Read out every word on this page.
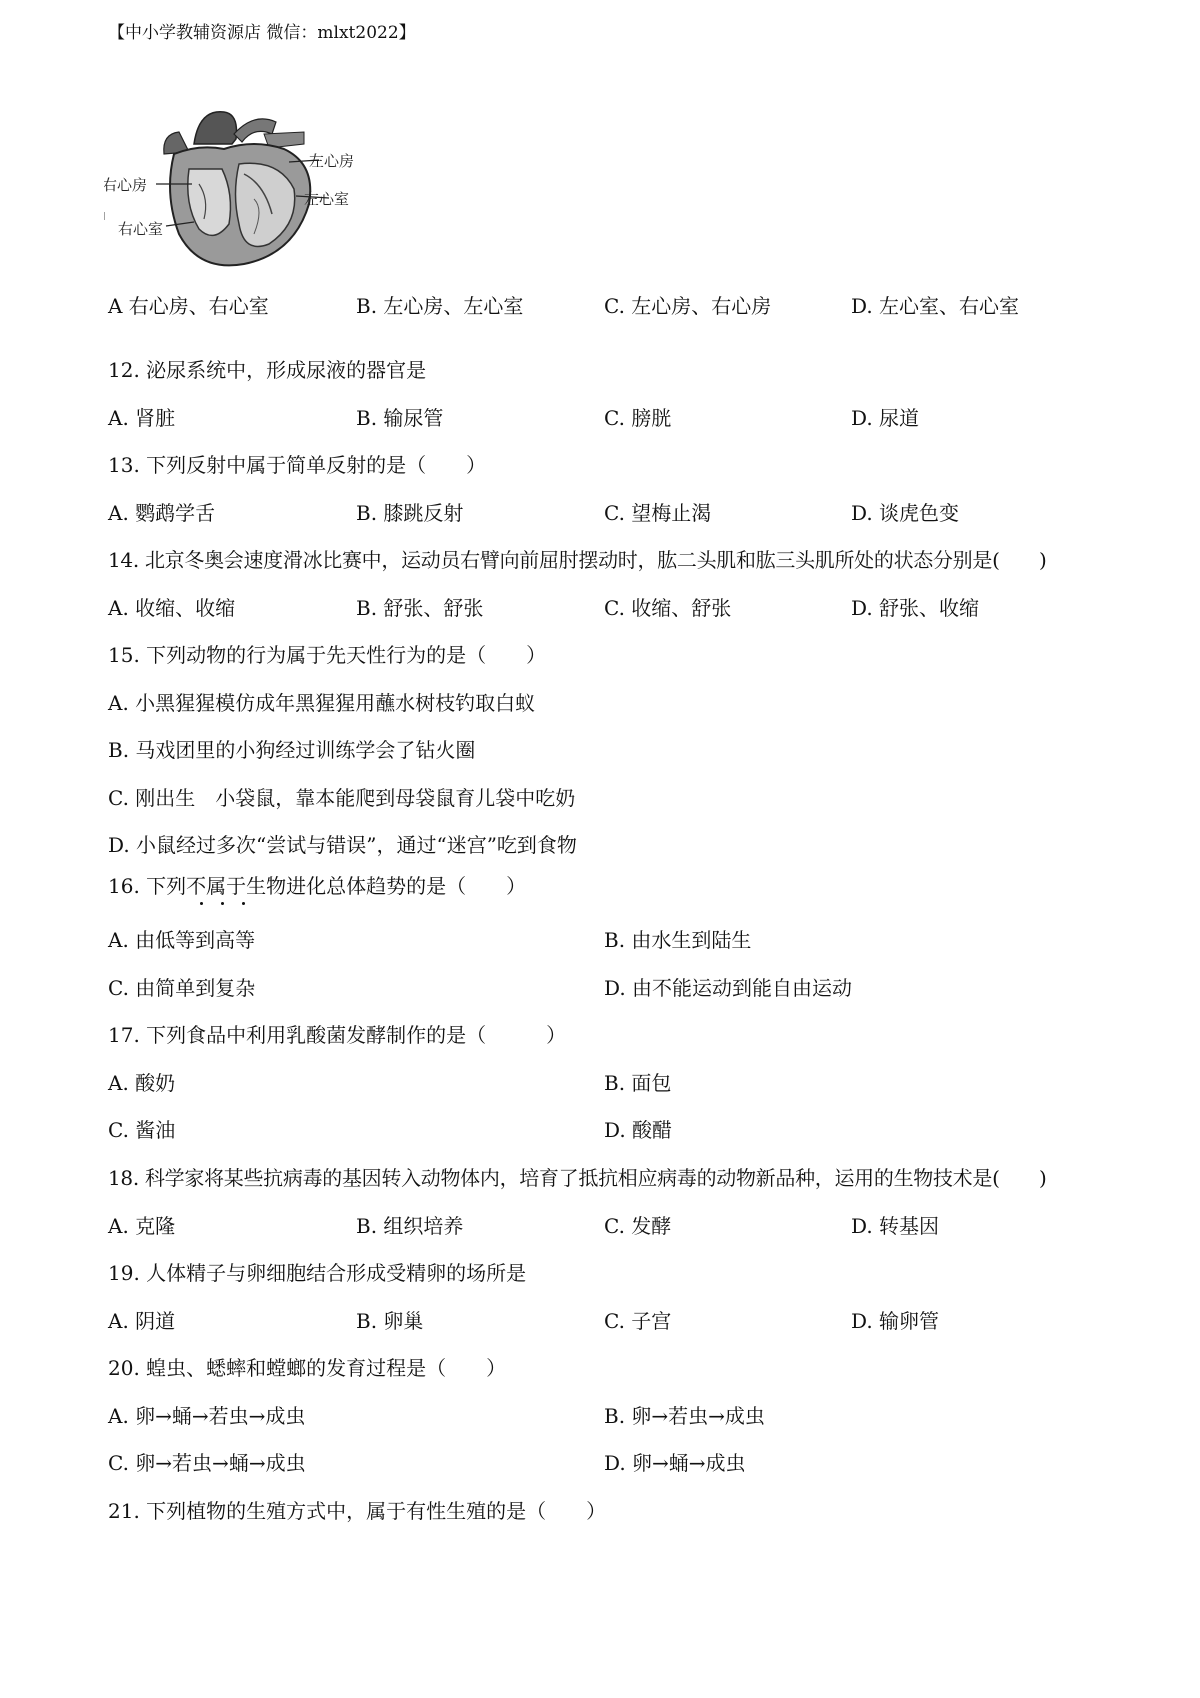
【中小学教辅资源店 微信：mlxt2022】
左心房
左心室
右心房
右心室
A 右心房、右心室	B. 左心房、左心室	C. 左心房、右心房	D. 左心室、右心室
12. 泌尿系统中，形成尿液的器官是
A. 肾脏	B. 输尿管	C. 膀胱	D. 尿道
13. 下列反射中属于简单反射的是（　　）
A. 鹦鹉学舌	B. 膝跳反射	C. 望梅止渴	D. 谈虎色变
14. 北京冬奥会速度滑冰比赛中，运动员右臂向前屈肘摆动时，肱二头肌和肱三头肌所处的状态分别是(　　)
A. 收缩、收缩	B. 舒张、舒张	C. 收缩、舒张	D. 舒张、收缩
15. 下列动物的行为属于先天性行为的是（　　）
A. 小黑猩猩模仿成年黑猩猩用蘸水树枝钓取白蚁
B. 马戏团里的小狗经过训练学会了钻火圈
C. 刚出生　小袋鼠，靠本能爬到母袋鼠育儿袋中吃奶
D. 小鼠经过多次“尝试与错误”，通过“迷宫”吃到食物
16. 下列不属于生物进化总体趋势的是（　　）
A. 由低等到高等	B. 由水生到陆生
C. 由简单到复杂	D. 由不能运动到能自由运动
17. 下列食品中利用乳酸菌发酵制作的是（　　　）
A. 酸奶	B. 面包
C. 酱油	D. 酸醋
18. 科学家将某些抗病毒的基因转入动物体内，培育了抵抗相应病毒的动物新品种，运用的生物技术是(　　)
A. 克隆	B. 组织培养	C. 发酵	D. 转基因
19. 人体精子与卵细胞结合形成受精卵的场所是
A. 阴道	B. 卵巢	C. 子宫	D. 输卵管
20. 蝗虫、蟋蟀和螳螂的发育过程是（　　）
A. 卵→蛹→若虫→成虫	B. 卵→若虫→成虫
C. 卵→若虫→蛹→成虫	D. 卵→蛹→成虫
21. 下列植物的生殖方式中，属于有性生殖的是（　　）
